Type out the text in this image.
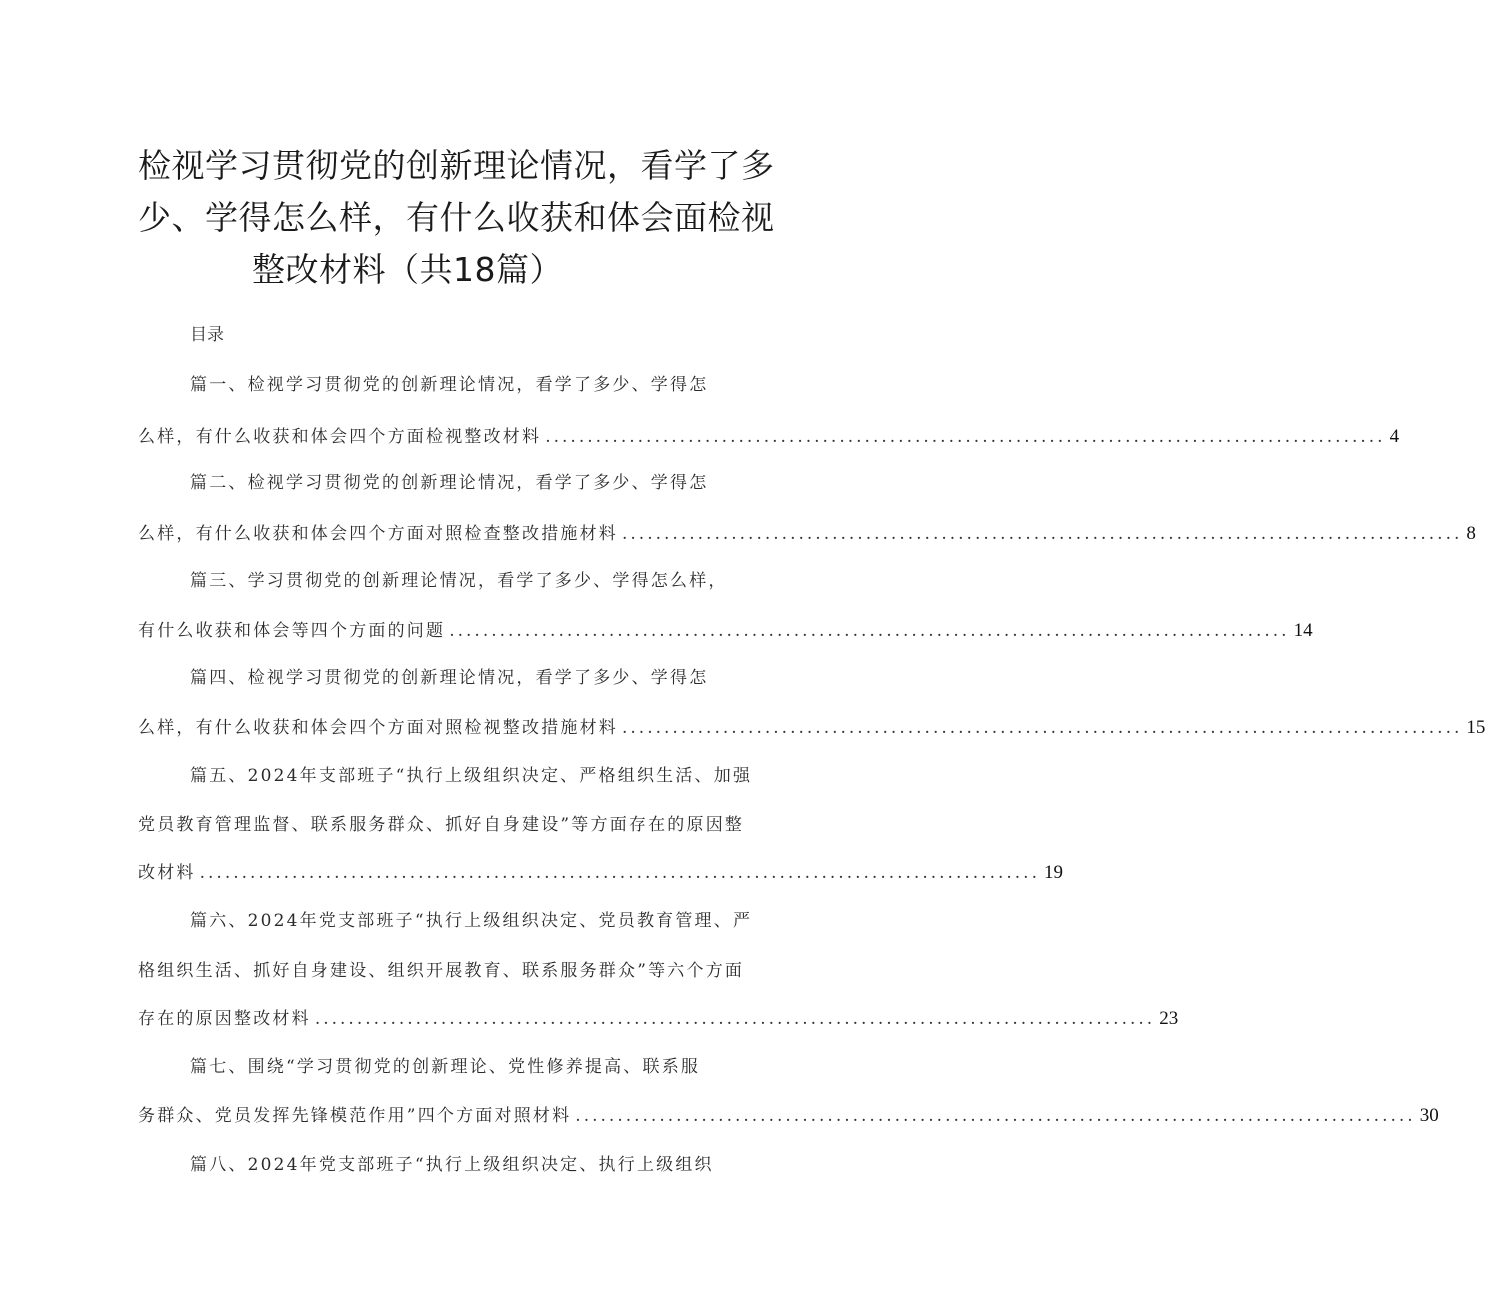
检视学习贯彻党的创新理论情况，看学了多
少、学得怎么样，有什么收获和体会面检视
整改材料（共18篇）
目录
篇一、检视学习贯彻党的创新理论情况，看学了多少、学得怎
么样，有什么收获和体会四个方面检视整改材料 .................................................................................................... 4
篇二、检视学习贯彻党的创新理论情况，看学了多少、学得怎
么样，有什么收获和体会四个方面对照检查整改措施材料 .................................................................................................... 8
篇三、学习贯彻党的创新理论情况，看学了多少、学得怎么样，
有什么收获和体会等四个方面的问题 .................................................................................................... 14
篇四、检视学习贯彻党的创新理论情况，看学了多少、学得怎
么样，有什么收获和体会四个方面对照检视整改措施材料 .................................................................................................... 15
篇五、2024年支部班子“执行上级组织决定、严格组织生活、加强
党员教育管理监督、联系服务群众、抓好自身建设”等方面存在的原因整
改材料 .................................................................................................... 19
篇六、2024年党支部班子“执行上级组织决定、党员教育管理、严
格组织生活、抓好自身建设、组织开展教育、联系服务群众”等六个方面
存在的原因整改材料 .................................................................................................... 23
篇七、围绕“学习贯彻党的创新理论、党性修养提高、联系服
务群众、党员发挥先锋模范作用”四个方面对照材料 .................................................................................................... 30
篇八、2024年党支部班子“执行上级组织决定、执行上级组织
